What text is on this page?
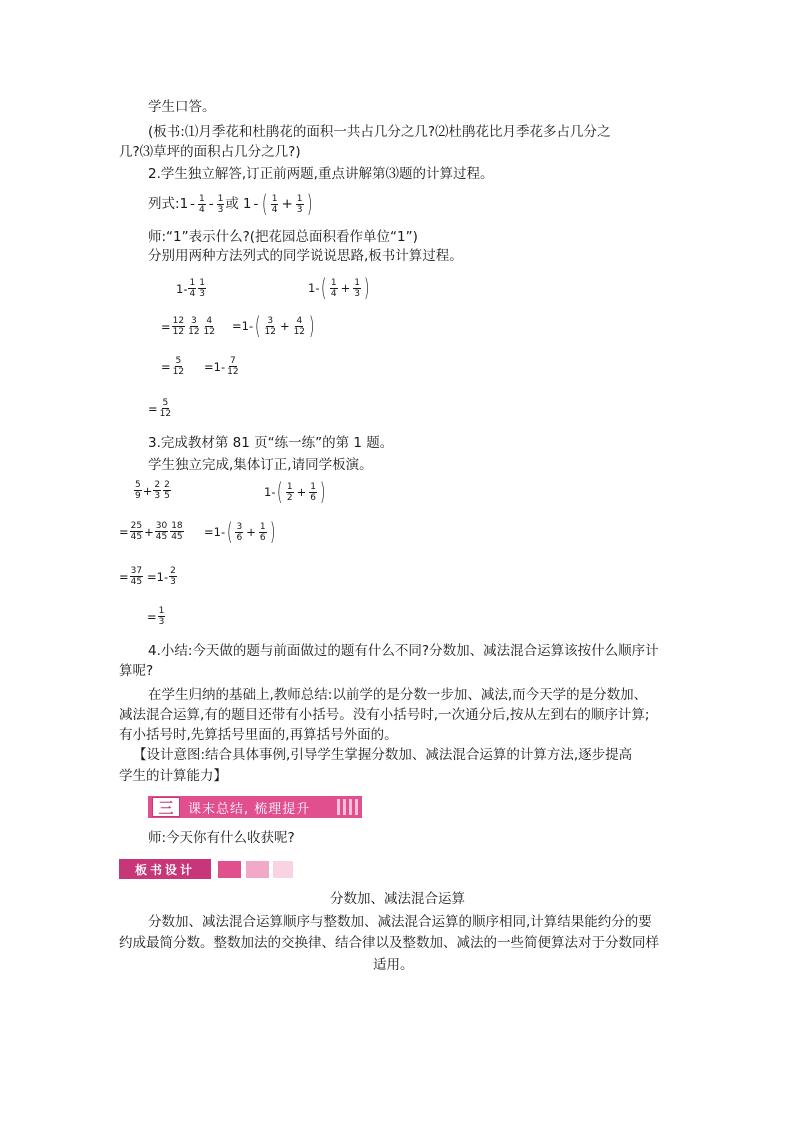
学生口答。
(板书:⑴月季花和杜鹃花的面积一共占几分之几?⑵杜鹃花比月季花多占几分之
几?⑶草坪的面积占几分之几?)
2.学生独立解答,订正前两题,重点讲解第⑶题的计算过程。
列式: $1 - \frac{1}{4} - \frac{1}{3}$ 或 1 - ( $\frac{1}{4} + \frac{1}{3}$ )
师:“1”表示什么?(把花园总面积看作单位“1”)
分别用两种方法列式的同学说说思路,板书计算过程。
$1 - \frac{1}{4} \frac{1}{3}$
= $\frac{12}{12} \frac{3}{12} \frac{4}{12}$
= $\frac{5}{12}$
= $\frac{5}{12}$
1 - ( $\frac{1}{4} + \frac{1}{3}$ )
=1- ( $\frac{3}{12} + \frac{4}{12}$ )
$=1- \frac{7}{12}$
3.完成教材第 81 页“练一练”的第 1 题。
学生独立完成,集体订正,请同学板演。
$\frac{5}{9} + \frac{2}{3} \frac{2}{5}$
= $\frac{25}{45} + \frac{30}{45} \frac{18}{45}$
= $\frac{37}{45}$
1 - ( $\frac{1}{2} + \frac{1}{6}$ )
=1- ( $\frac{3}{6} + \frac{1}{6}$ )
$=1- \frac{2}{3}$
= $\frac{1}{3}$
4.小结:今天做的题与前面做过的题有什么不同?分数加、减法混合运算该按什么顺序计
算呢?
在学生归纳的基础上,教师总结:以前学的是分数一步加、减法,而今天学的是分数加、
减法混合运算,有的题目还带有小括号。没有小括号时,一次通分后,按从左到右的顺序计算;
有小括号时,先算括号里面的,再算括号外面的。
【设计意图:结合具体事例,引导学生掌握分数加、减法混合运算的计算方法,逐步提高
学生的计算能力】
三	课末总结, 梳理提升
师:今天你有什么收获呢?
板书设计
分数加、减法混合运算
分数加、减法混合运算顺序与整数加、减法混合运算的顺序相同,计算结果能约分的要
约成最简分数。整数加法的交换律、结合律以及整数加、减法的一些简便算法对于分数同样
适用。
